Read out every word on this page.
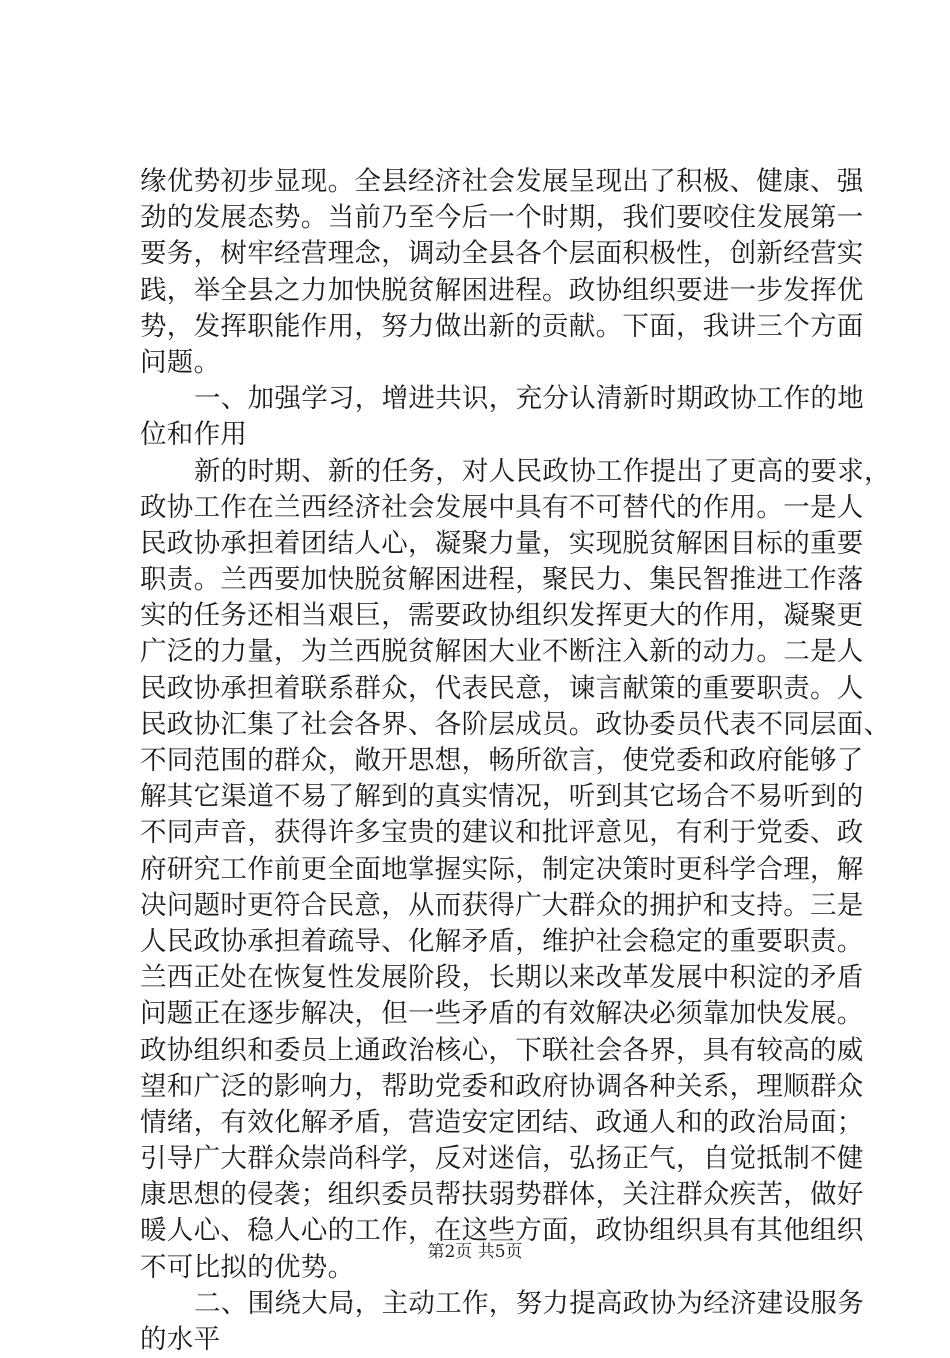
缘优势初步显现。全县经济社会发展呈现出了积极、健康、强
劲的发展态势。当前乃至今后一个时期，我们要咬住发展第一
要务，树牢经营理念，调动全县各个层面积极性，创新经营实
践，举全县之力加快脱贫解困进程。政协组织要进一步发挥优
势，发挥职能作用，努力做出新的贡献。下面，我讲三个方面
问题。
一、加强学习，增进共识，充分认清新时期政协工作的地
位和作用
新的时期、新的任务，对人民政协工作提出了更高的要求，
政协工作在兰西经济社会发展中具有不可替代的作用。一是人
民政协承担着团结人心，凝聚力量，实现脱贫解困目标的重要
职责。兰西要加快脱贫解困进程，聚民力、集民智推进工作落
实的任务还相当艰巨，需要政协组织发挥更大的作用，凝聚更
广泛的力量，为兰西脱贫解困大业不断注入新的动力。二是人
民政协承担着联系群众，代表民意，谏言献策的重要职责。人
民政协汇集了社会各界、各阶层成员。政协委员代表不同层面、
不同范围的群众，敞开思想，畅所欲言，使党委和政府能够了
解其它渠道不易了解到的真实情况，听到其它场合不易听到的
不同声音，获得许多宝贵的建议和批评意见，有利于党委、政
府研究工作前更全面地掌握实际，制定决策时更科学合理，解
决问题时更符合民意，从而获得广大群众的拥护和支持。三是
人民政协承担着疏导、化解矛盾，维护社会稳定的重要职责。
兰西正处在恢复性发展阶段，长期以来改革发展中积淀的矛盾
问题正在逐步解决，但一些矛盾的有效解决必须靠加快发展。
政协组织和委员上通政治核心，下联社会各界，具有较高的威
望和广泛的影响力，帮助党委和政府协调各种关系，理顺群众
情绪，有效化解矛盾，营造安定团结、政通人和的政治局面；
引导广大群众崇尚科学，反对迷信，弘扬正气，自觉抵制不健
康思想的侵袭；组织委员帮扶弱势群体，关注群众疾苦，做好
暖人心、稳人心的工作，在这些方面，政协组织具有其他组织
不可比拟的优势。
二、围绕大局，主动工作，努力提高政协为经济建设服务
的水平
第2页 共5页
